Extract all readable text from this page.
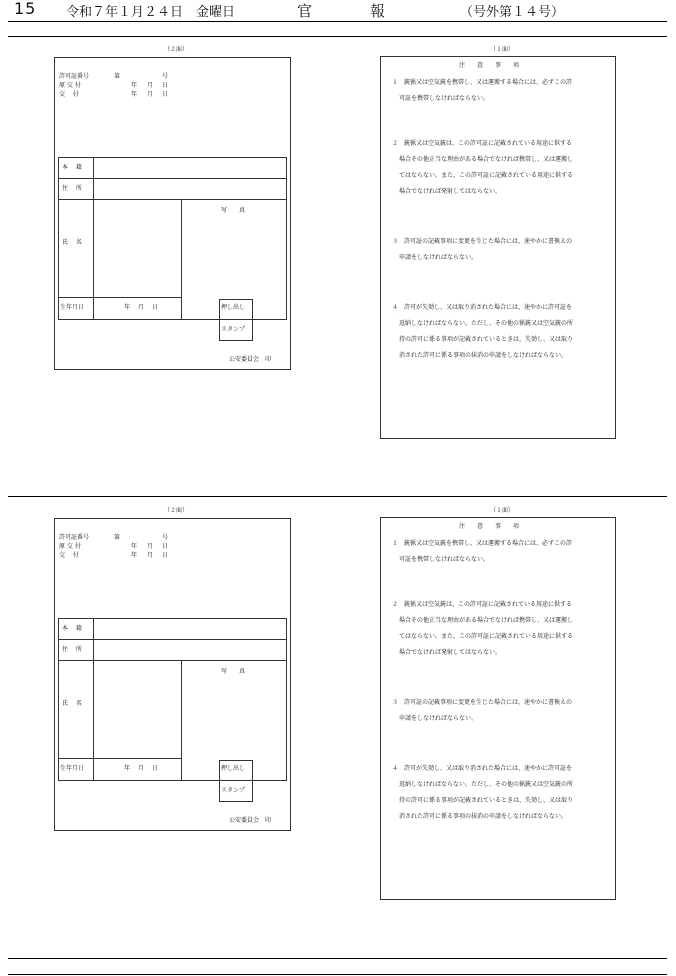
15 令和７年１月２４日　金曜日	官報 （号外第１４号）
（２面）
許可証番号	第	号
原 交 付	年 月 日
交　 付	年 月 日
本　 籍
住　 所
氏　 名
写　　真
生年月日	年　 月　 日	押し出し
スタンプ
公安委員会　印
（１面）
注　　意　　事　　項
１　銃猟又は空気銃を携帯し、又は運搬する場合には、必ずこの許
可証を携帯しなければならない。
２　銃猟又は空気銃は、この許可証に記載されている用途に供する
場合その他正当な理由がある場合でなければ携帯し、又は運搬し
てはならない。また、この許可証に記載されている用途に供する
場合でなければ発射してはならない。
３　許可証の記載事項に変更を生じた場合には、速やかに書換えの
申請をしなければならない。
４　許可が失効し、又は取り消された場合には、速やかに許可証を
返納しなければならない。ただし、その他の猟銃又は空気銃の所
持の許可に係る事項が記載されているときは、失効し、又は取り
消された許可に係る事項の抹消の申請をしなければならない。
（２面）
許可証番号	第	号
原 交 付	年 月 日
交　 付	年 月 日
本　 籍
住　 所
氏　 名
写　　真
生年月日	年　 月　 日	押し出し
スタンプ
公安委員会　印
（１面）
注　　意　　事　　項
１　銃猟又は空気銃を携帯し、又は運搬する場合には、必ずこの許
可証を携帯しなければならない。
２　銃猟又は空気銃は、この許可証に記載されている用途に供する
場合その他正当な理由がある場合でなければ携帯し、又は運搬し
てはならない。また、この許可証に記載されている用途に供する
場合でなければ発射してはならない。
３　許可証の記載事項に変更を生じた場合には、速やかに書換えの
申請をしなければならない。
４　許可が失効し、又は取り消された場合には、速やかに許可証を
返納しなければならない。ただし、その他の猟銃又は空気銃の所
持の許可に係る事項が記載されているときは、失効し、又は取り
消された許可に係る事項の抹消の申請をしなければならない。
